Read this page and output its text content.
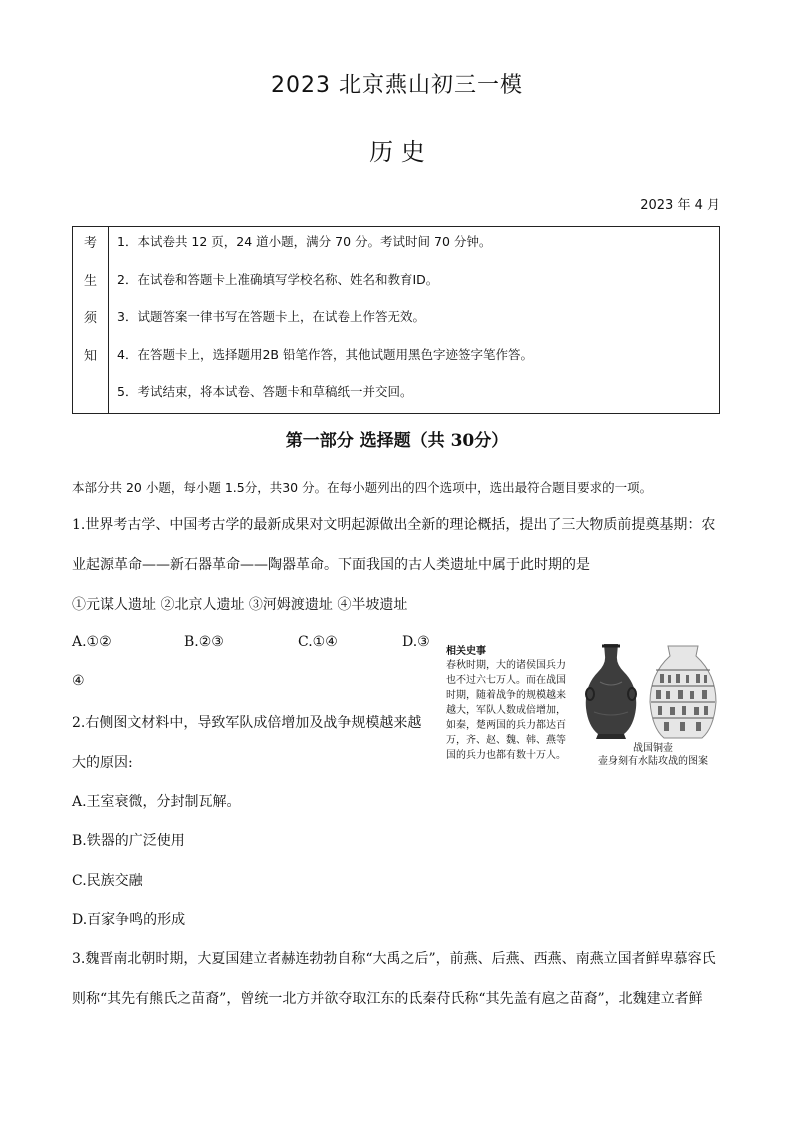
2023 北京燕山初三一模
历 史
2023 年 4 月
考
生
须
知
1．本试卷共 12 页，24 道小题，满分 70 分。考试时间 70 分钟。
2．在试卷和答题卡上准确填写学校名称、姓名和教育ID。
3．试题答案一律书写在答题卡上，在试卷上作答无效。
4．在答题卡上，选择题用2B 铅笔作答，其他试题用黑色字迹签字笔作答。
5．考试结束，将本试卷、答题卡和草稿纸一并交回。
第一部分 选择题（共 30分）
本部分共 20 小题，每小题 1.5分，共30 分。在每小题列出的四个选项中，选出最符合题目要求的一项。
1.世界考古学、中国考古学的最新成果对文明起源做出全新的理论概括，提出了三大物质前提奠基期：农
业起源革命——新石器革命——陶器革命。下面我国的古人类遗址中属于此时期的是
①元谋人遗址 ②北京人遗址 ③河姆渡遗址 ④半坡遗址
A.①②	B.②③	C.①④	D.③
④
2.右侧图文材料中，导致军队成倍增加及战争规模越来越
大的原因:
A.王室衰微，分封制瓦解。
B.铁器的广泛使用
C.民族交融
D.百家争鸣的形成
相关史事
春秋时期，大的诸侯国兵力也不过六七万人。而在战国时期，随着战争的规模越来越大，军队人数成倍增加，如秦，楚两国的兵力都达百万，齐、赵、魏、韩、燕等国的兵力也都有数十万人。
战国铜壶
壶身刻有水陆攻战的图案
3.魏晋南北朝时期，大夏国建立者赫连勃勃自称“大禹之后”，前燕、后燕、西燕、南燕立国者鲜卑慕容氏
则称“其先有熊氏之苗裔”，曾统一北方并欲夺取江东的氐秦苻氏称“其先盖有扈之苗裔”，北魏建立者鲜
